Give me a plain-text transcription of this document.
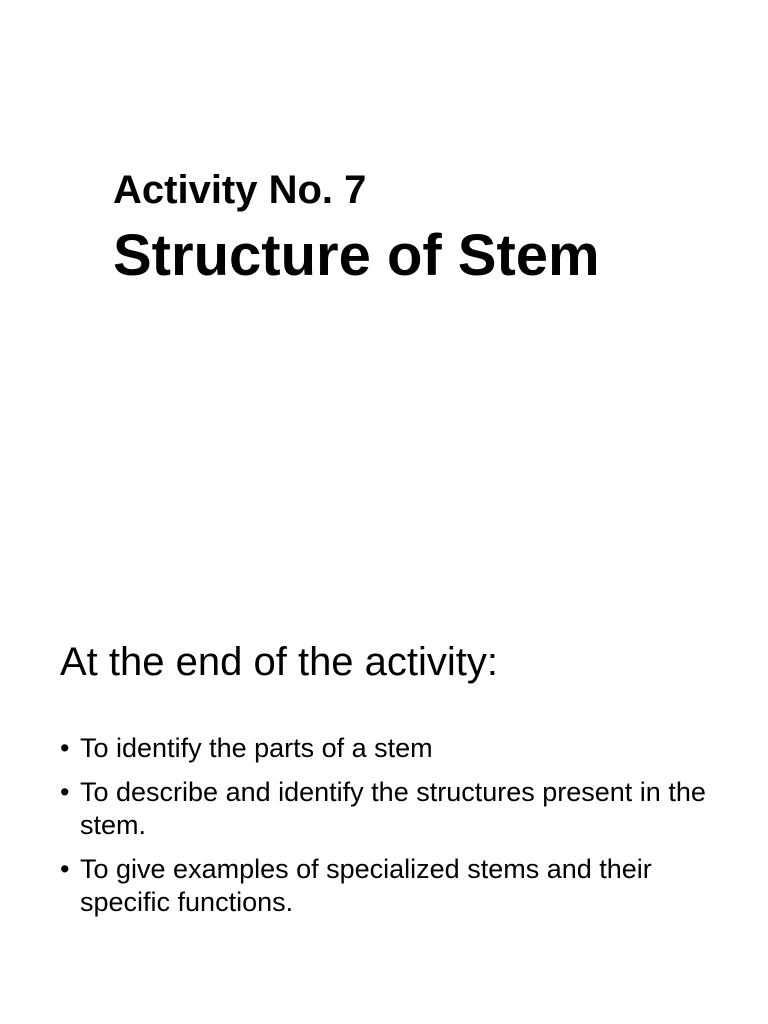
Activity No. 7
Structure of Stem
At the end of the activity:
• To identify the parts of a stem
• To describe and identify the structures present in the stem.
• To give examples of specialized stems and their specific functions.
